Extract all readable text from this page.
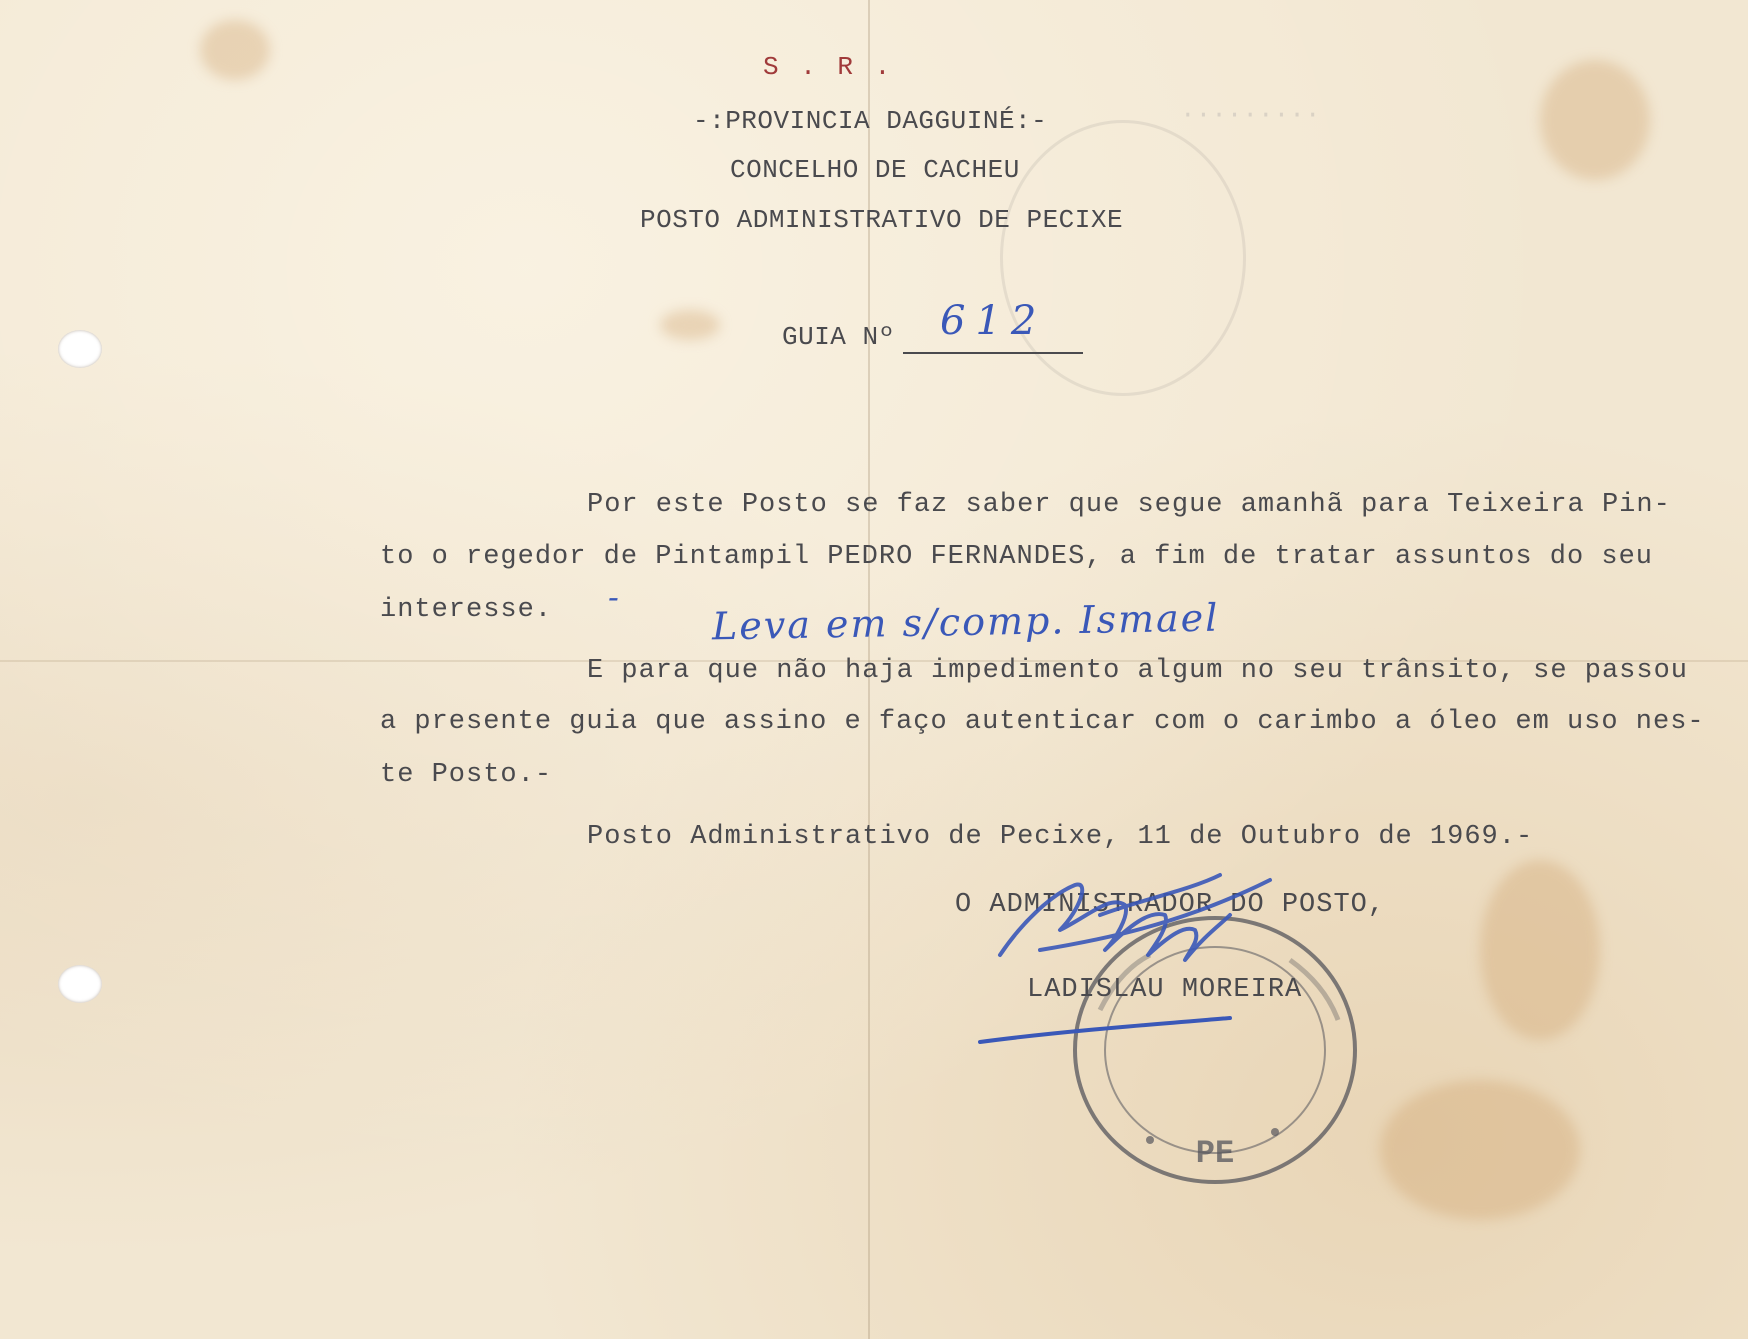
·········
S . R .
-:PROVINCIA DAGGUINÉ:-
CONCELHO DE CACHEU
POSTO ADMINISTRATIVO DE PECIXE
GUIA Nº 612
Por este Posto se faz saber que segue amanhã para Teixeira Pin-
to o regedor de Pintampil PEDRO FERNANDES, a fim de tratar assuntos do seu
interesse. - Leva em s/comp. Ismael
E para que não haja impedimento algum no seu trânsito, se passou
a presente guia que assino e faço autenticar com o carimbo a óleo em uso nes-
te Posto.-
Posto Administrativo de Pecixe, 11 de Outubro de 1969.-
O ADMINISTRADOR DO POSTO,
PE
LADISLAU MOREIRA
